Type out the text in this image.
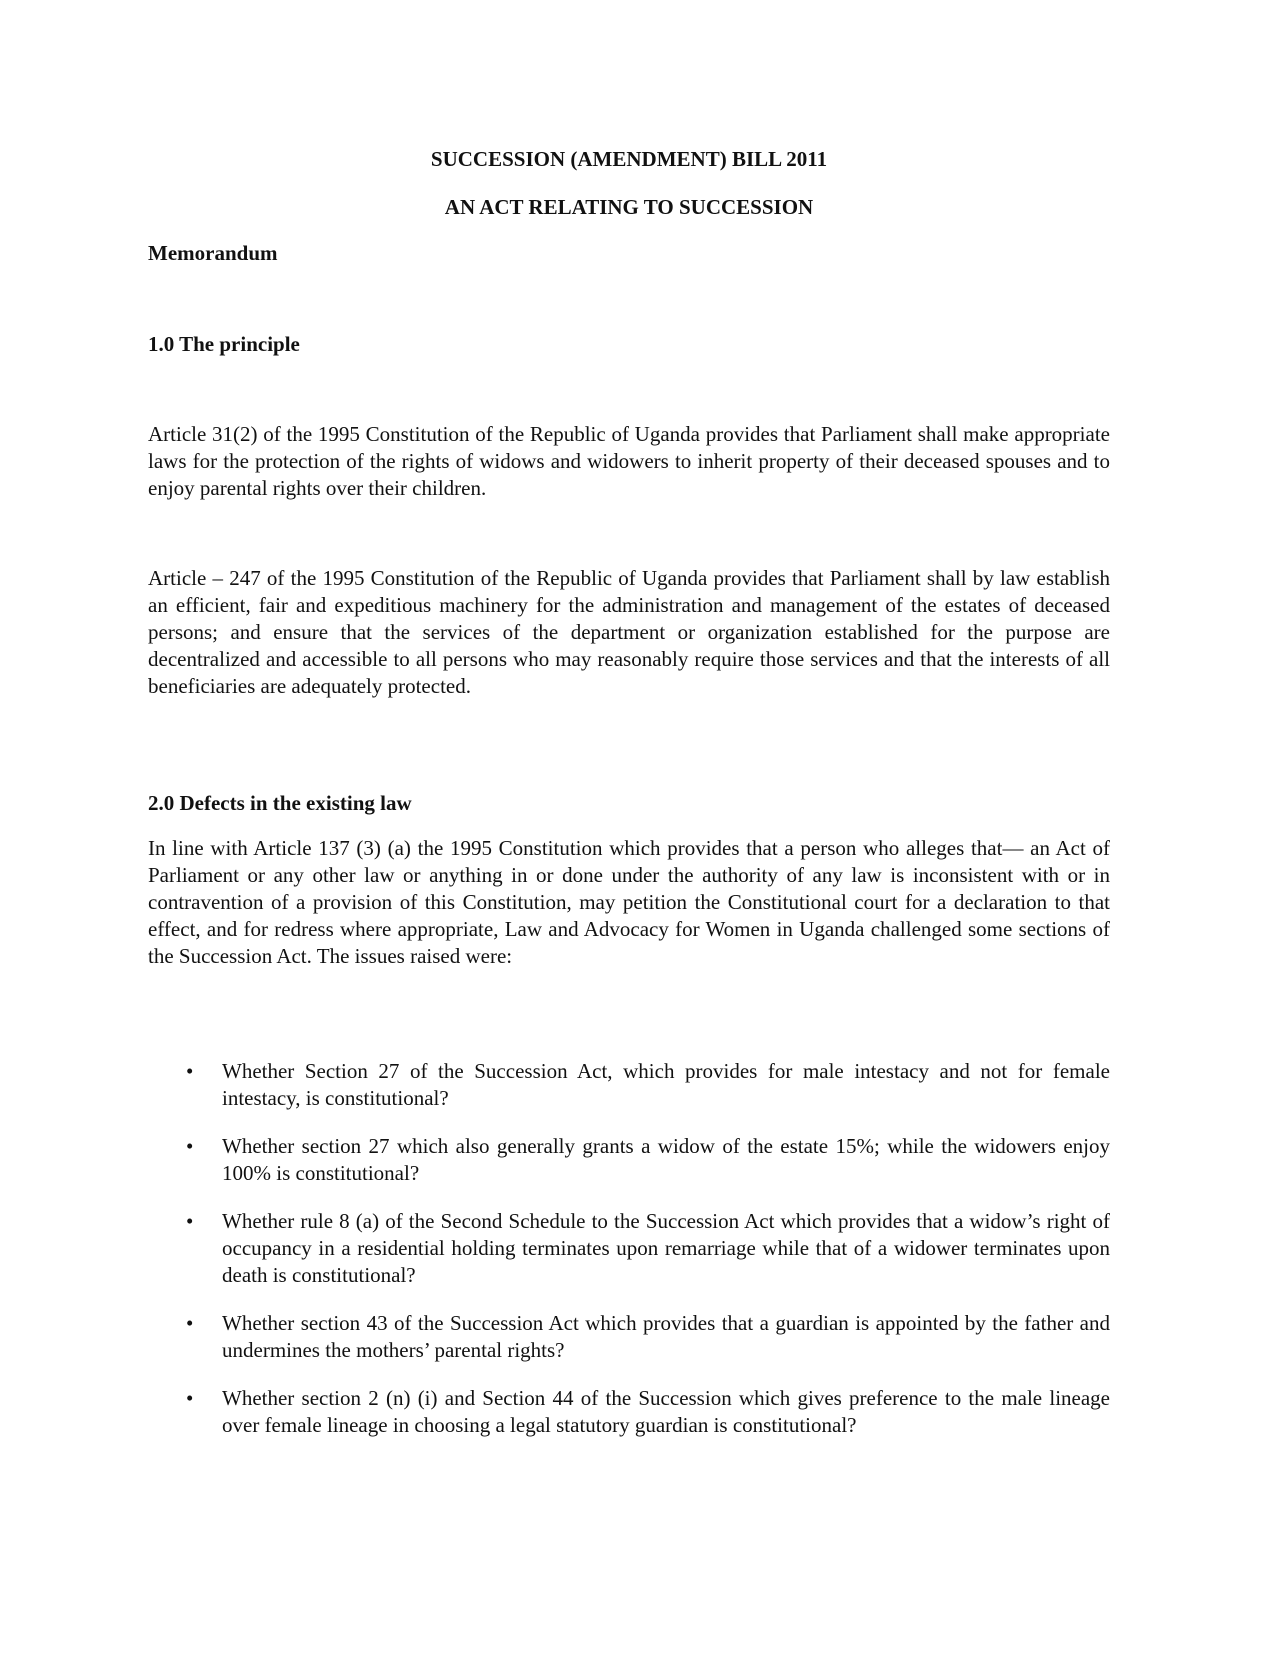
SUCCESSION (AMENDMENT) BILL 2011
AN ACT RELATING TO SUCCESSION
Memorandum
1.0 The principle

Article 31(2) of the 1995 Constitution of the Republic of Uganda provides that Parliament shall make appropriate laws for the protection of the rights of widows and widowers to inherit property of their deceased spouses and to enjoy parental rights over their children.

Article – 247 of the 1995 Constitution of the Republic of Uganda provides that Parliament shall by law establish an efficient, fair and expeditious machinery for the administration and management of the estates of deceased persons; and ensure that the services of the department or organization established for the purpose are decentralized and accessible to all persons who may reasonably require those services and that the interests of all beneficiaries are adequately protected.

2.0 Defects in the existing law

In line with Article 137 (3) (a) the 1995 Constitution which provides that a person who alleges that— an Act of Parliament or any other law or anything in or done under the authority of any law is inconsistent with or in contravention of a provision of this Constitution, may petition the Constitutional court for a declaration to that effect, and for redress where appropriate, Law and Advocacy for Women in Uganda challenged some sections of the Succession Act. The issues raised were:

• Whether Section 27 of the Succession Act, which provides for male intestacy and not for female intestacy, is constitutional?
• Whether section 27 which also generally grants a widow of the estate 15%; while the widowers enjoy 100% is constitutional?
• Whether rule 8 (a) of the Second Schedule to the Succession Act which provides that a widow’s right of occupancy in a residential holding terminates upon remarriage while that of a widower terminates upon death is constitutional?
• Whether section 43 of the Succession Act which provides that a guardian is appointed by the father and undermines the mothers’ parental rights?
• Whether section 2 (n) (i) and Section 44 of the Succession which gives preference to the male lineage over female lineage in choosing a legal statutory guardian is constitutional?
